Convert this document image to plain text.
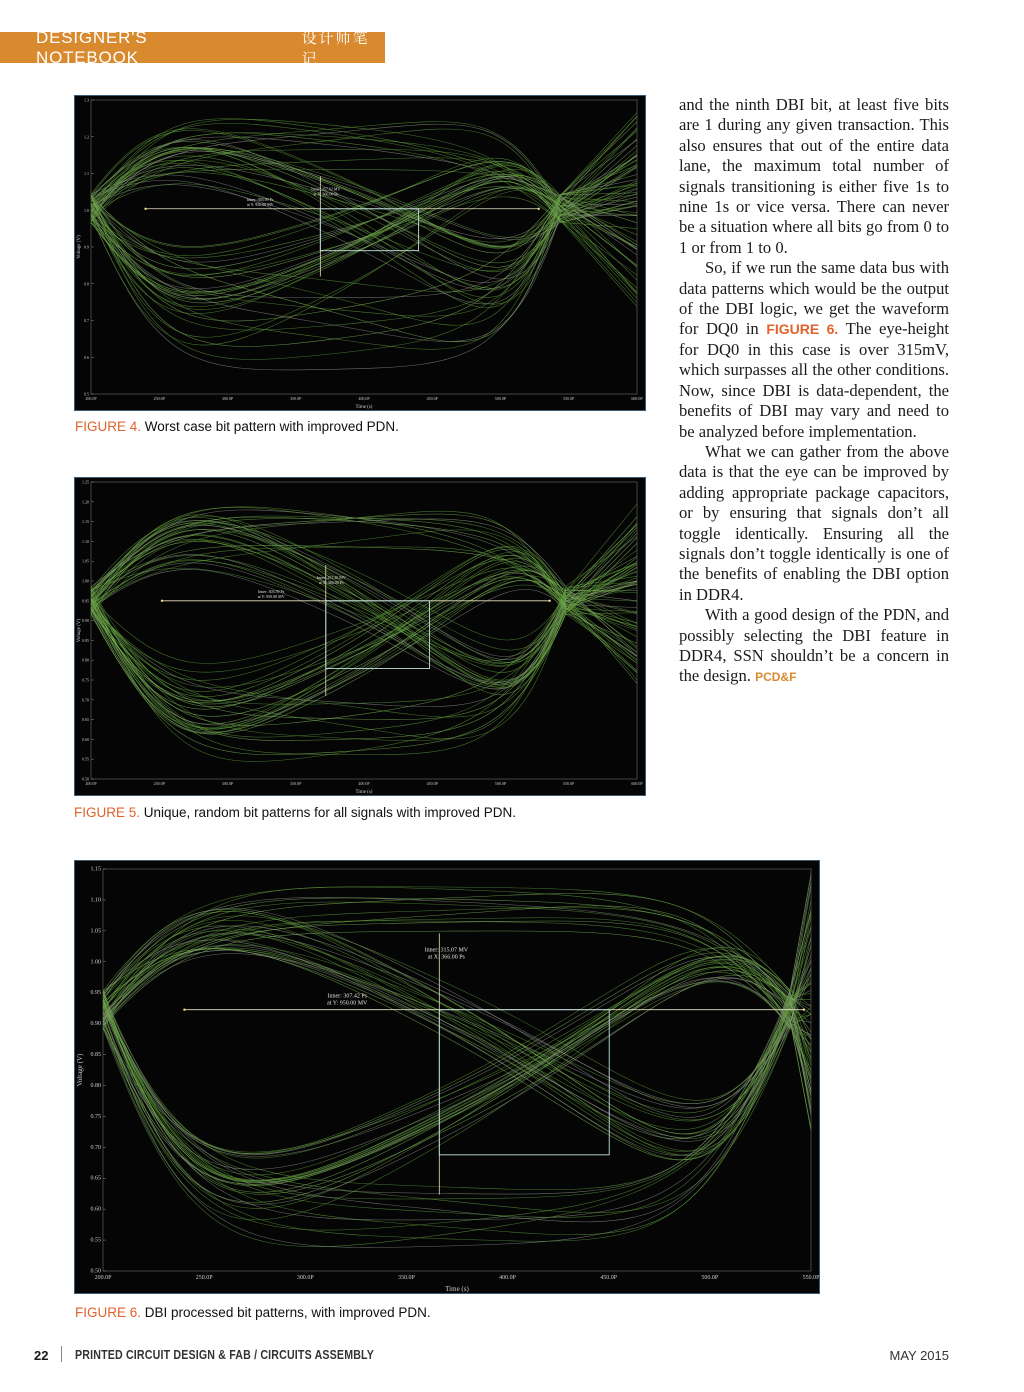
DESIGNER'S NOTEBOOK
设计师笔记
1.3
1.2
1.1
1.0
0.9
0.8
0.7
0.6
0.5
200.0P	250.0P	300.0P	350.0P	400.0P	450.0P	500.0P	550.0P	600.0P
Time (s)
Voltage (V)
Inner: 303.99 Ps at Y: 950.00 MV
Inner: 257.62 MV at X: 366.00 Ps
FIGURE 4. Worst case bit pattern with improved PDN.
1.25
1.20
1.15
1.10
1.05
1.00
0.95
0.90
0.85
0.80
0.75
0.70
0.65
0.60
0.55
0.50
200.0P	250.0P	300.0P	350.0P	400.0P	450.0P	500.0P	550.0P	600.0P
Time (s)
Voltage (V)
Inner: 303.59 Ps at Y: 950.00 MV
Inner: 251.30 MV at X: 366.00 Ps
FIGURE 5. Unique, random bit patterns for all signals with improved PDN.
1.15
1.10
1.05
1.00
0.95
0.90
0.85
0.80
0.75
0.70
0.65
0.60
0.55
0.50
200.0P	250.0P	300.0P	350.0P	400.0P	450.0P	500.0P	550.0P
Time (s)
Voltage (V)
Inner: 307.42 Ps at Y: 950.00 MV
Inner: 315.07 MV at X: 366.00 Ps
FIGURE 6. DBI processed bit patterns, with improved PDN.

and the ninth DBI bit, at least five bits are 1 during any given transaction. This also ensures that out of the entire data lane, the maximum total number of signals transitioning is either five 1s to nine 1s or vice versa. There can never be a situation where all bits go from 0 to 1 or from 1 to 0.

So, if we run the same data bus with data patterns which would be the output of the DBI logic, we get the waveform for DQ0 in FIGURE 6. The eye-height for DQ0 in this case is over 315mV, which surpasses all the other conditions. Now, since DBI is data-dependent, the benefits of DBI may vary and need to be analyzed before implementation.

What we can gather from the above data is that the eye can be improved by adding appropriate package capacitors, or by ensuring that signals don’t all toggle identically. Ensuring all the signals don’t toggle identically is one of the benefits of enabling the DBI option in DDR4.

With a good design of the PDN, and possibly selecting the DBI feature in DDR4, SSN shouldn’t be a concern in the design. PCD&F

22 PRINTED CIRCUIT DESIGN & FAB / CIRCUITS ASSEMBLY	MAY 2015
